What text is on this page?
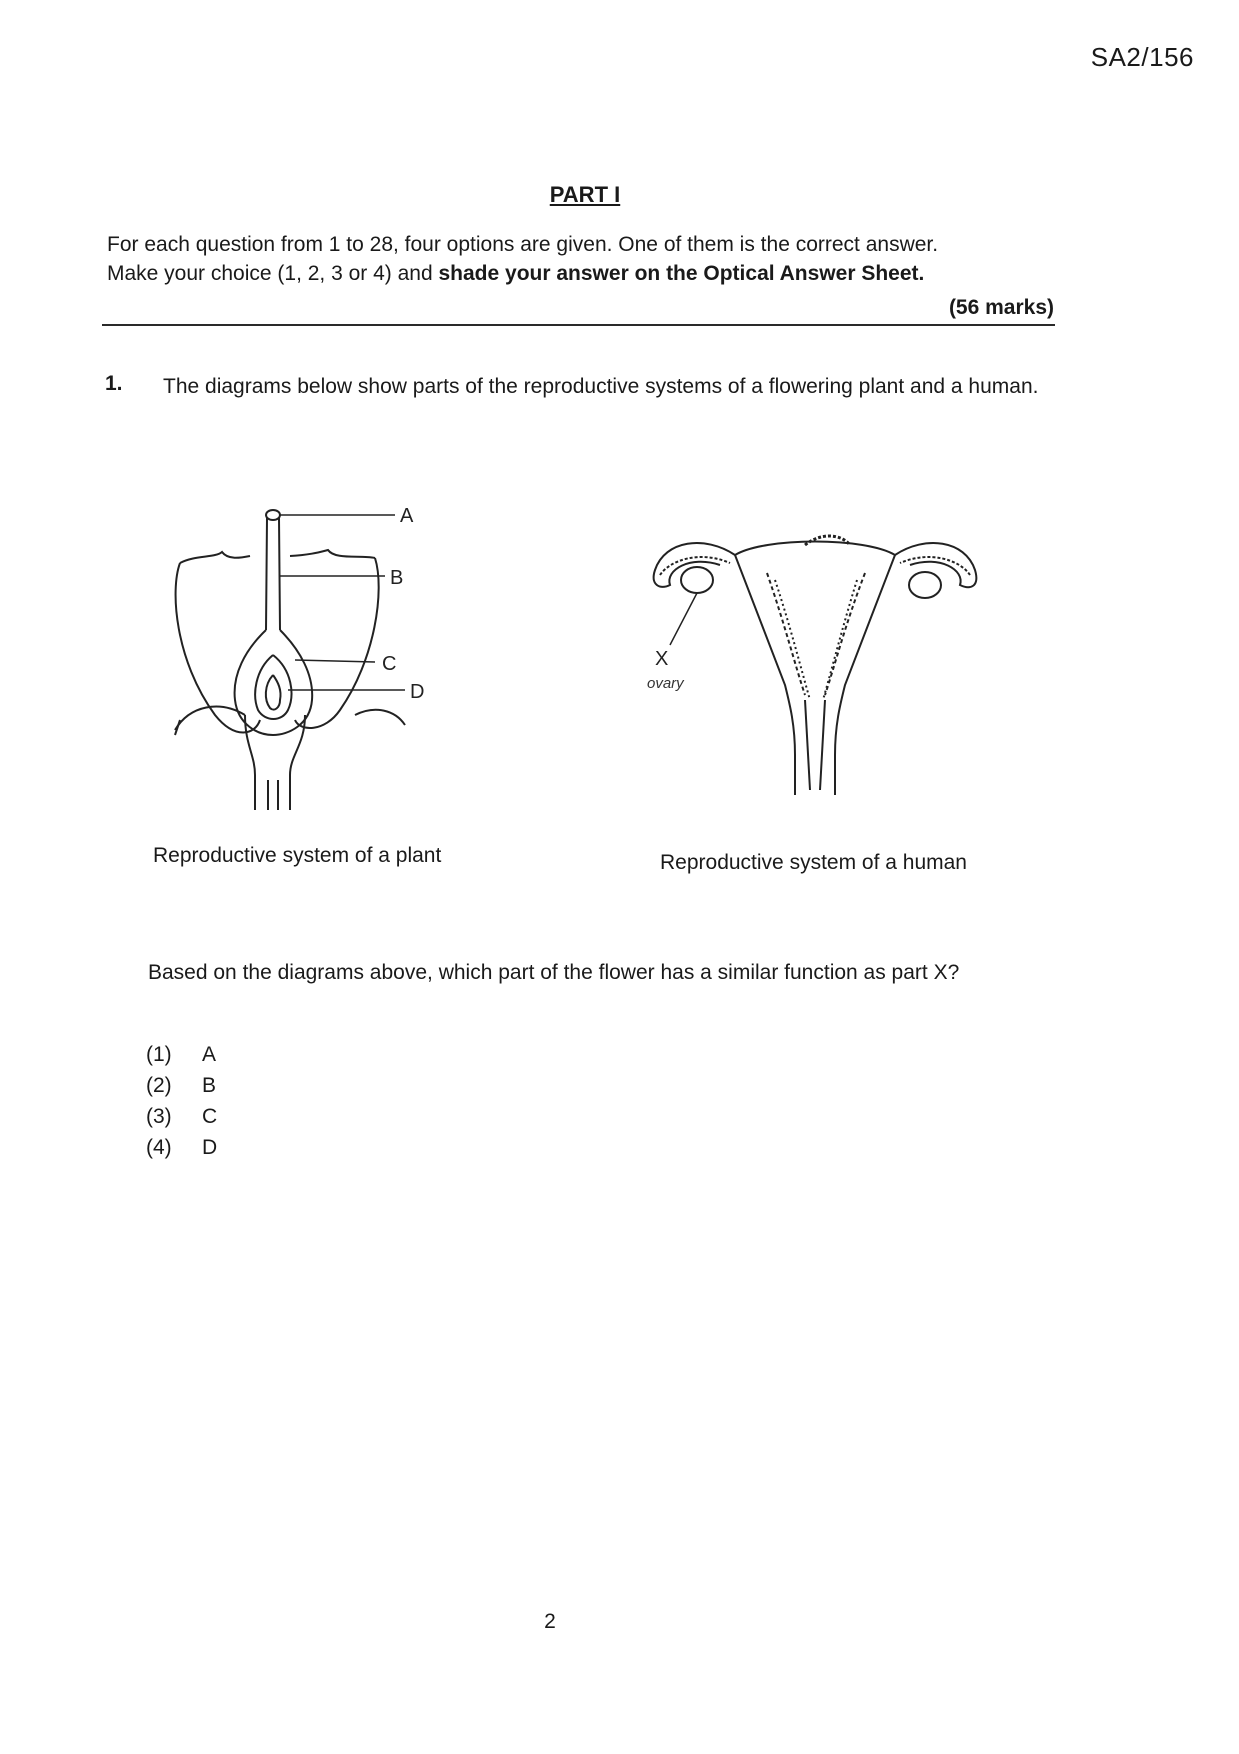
SA2/156
PART I
For each question from 1 to 28, four options are given. One of them is the correct answer.
Make your choice (1, 2, 3 or 4) and shade your answer on the Optical Answer Sheet.
(56 marks)
1. The diagrams below show parts of the reproductive systems of a flowering plant and a human.
A
B
C
D
X
ovary
Reproductive system of a plant	Reproductive system of a human
Based on the diagrams above, which part of the flower has a similar function as part X?
(1) A
(2) B
(3) C
(4) D
2
